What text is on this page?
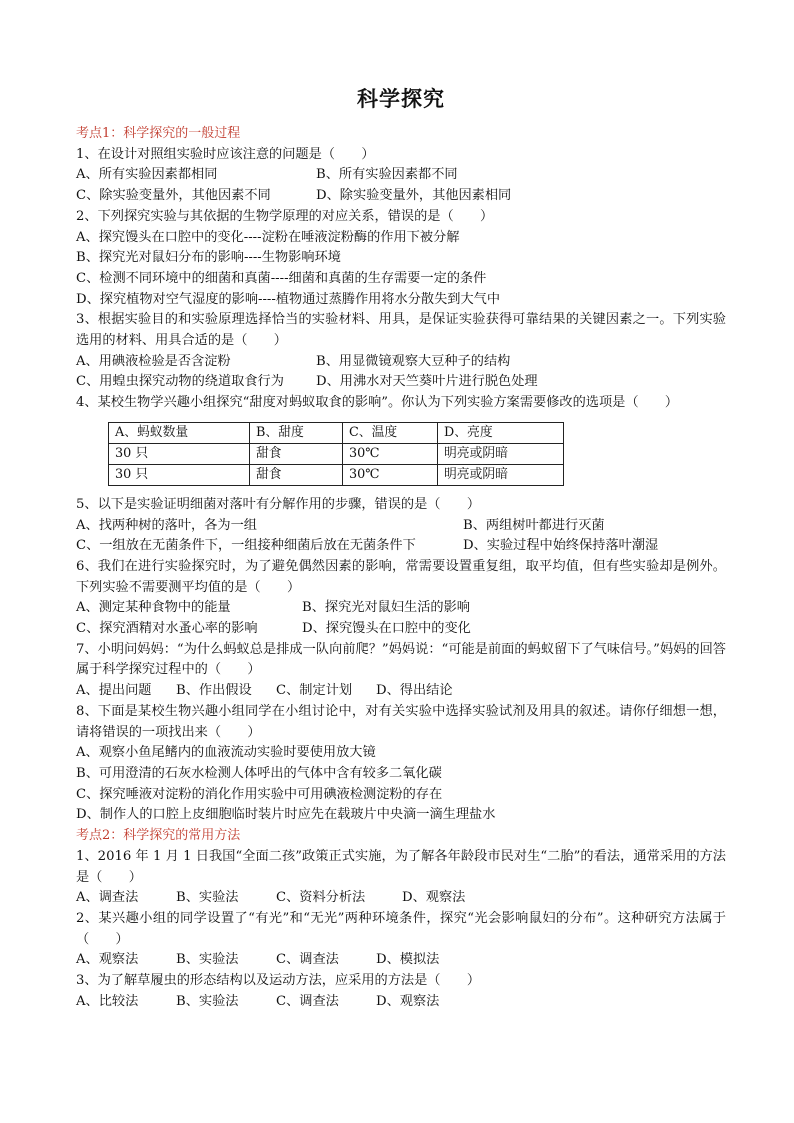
科学探究
考点1：科学探究的一般过程
1、在设计对照组实验时应该注意的问题是（　　）
A、所有实验因素都相同	B、所有实验因素都不同
C、除实验变量外，其他因素不同	D、除实验变量外，其他因素相同
2、下列探究实验与其依据的生物学原理的对应关系，错误的是（　　）
A、探究馒头在口腔中的变化----淀粉在唾液淀粉酶的作用下被分解
B、探究光对鼠妇分布的影响----生物影响环境
C、检测不同环境中的细菌和真菌----细菌和真菌的生存需要一定的条件
D、探究植物对空气湿度的影响----植物通过蒸腾作用将水分散失到大气中
3、根据实验目的和实验原理选择恰当的实验材料、用具，是保证实验获得可靠结果的关键因素之一。下列实验选用的材料、用具合适的是（　　）
A、用碘液检验是否含淀粉	B、用显微镜观察大豆种子的结构
C、用蝗虫探究动物的绕道取食行为	D、用沸水对天竺葵叶片进行脱色处理
4、某校生物学兴趣小组探究“甜度对蚂蚁取食的影响”。你认为下列实验方案需要修改的选项是（　　）
A、蚂蚁数量	B、甜度	C、温度	D、亮度
30 只	甜食	30℃	明亮或阴暗
30 只	甜食	30℃	明亮或阴暗
5、以下是实验证明细菌对落叶有分解作用的步骤，错误的是（　　）
A、找两种树的落叶，各为一组	B、两组树叶都进行灭菌
C、一组放在无菌条件下，一组接种细菌后放在无菌条件下	D、实验过程中始终保持落叶潮湿
6、我们在进行实验探究时，为了避免偶然因素的影响，常需要设置重复组，取平均值，但有些实验却是例外。下列实验不需要测平均值的是（　　）
A、测定某种食物中的能量	B、探究光对鼠妇生活的影响
C、探究酒精对水蚤心率的影响	D、探究馒头在口腔中的变化
7、小明问妈妈：“为什么蚂蚁总是排成一队向前爬？”妈妈说：“可能是前面的蚂蚁留下了气味信号。”妈妈的回答属于科学探究过程中的（　　）
A、提出问题	B、作出假设	C、制定计划	D、得出结论
8、下面是某校生物兴趣小组同学在小组讨论中，对有关实验中选择实验试剂及用具的叙述。请你仔细想一想，请将错误的一项找出来（　　）
A、观察小鱼尾鳍内的血液流动实验时要使用放大镜
B、可用澄清的石灰水检测人体呼出的气体中含有较多二氧化碳
C、探究唾液对淀粉的消化作用实验中可用碘液检测淀粉的存在
D、制作人的口腔上皮细胞临时装片时应先在载玻片中央滴一滴生理盐水
考点2：科学探究的常用方法
1、2016 年 1 月 1 日我国“全面二孩”政策正式实施，为了解各年龄段市民对生“二胎”的看法，通常采用的方法是（　　）
A、调查法	B、实验法	C、资料分析法	D、观察法
2、某兴趣小组的同学设置了“有光”和“无光”两种环境条件，探究“光会影响鼠妇的分布”。这种研究方法属于（　　）
A、观察法	B、实验法	C、调查法	D、模拟法
3、为了解草履虫的形态结构以及运动方法，应采用的方法是（　　）
A、比较法	B、实验法	C、调查法	D、观察法
